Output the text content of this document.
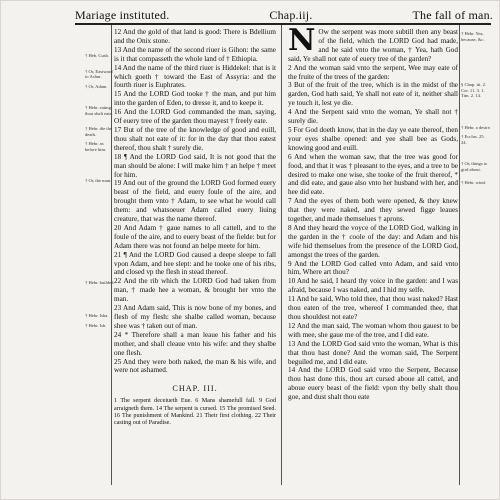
Mariage instituted.	Chap.iij.	The fall of man.
† Heb. Cush.
† Or, Eastward to Ashur.
† Or, Adam.
† Hebr. eating thou shalt eate.
† Hebr. die the death.
† Hebr. as before him.
† Or, the man.
† Hebr. builded.
† Hebr. Isha.
† Hebr. Ish.

12 And the gold of that land is good: There is Bdellium and the Onix stone.

13 And the name of the second riuer is Gihon: the same is it that compasseth the whole land of † Ethiopia.

14 And the name of the third riuer is Hiddekel: that is it which goeth † toward the East of Assyria: and the fourth riuer is Euphrates.

15 And the LORD God tooke † the man, and put him into the garden of Eden, to dresse it, and to keepe it.

16 And the LORD God commanded the man, saying, Of euery tree of the garden thou mayest † freely eate.

17 But of the tree of the knowledge of good and euill, thou shalt not eate of it: for in the day that thou eatest thereof, thou shalt † surely die.

18 ¶ And the LORD God said, It is not good that the man should be alone: I will make him † an helpe † meet for him.

19 And out of the ground the LORD God formed euery beast of the field, and euery foule of the aire, and brought them vnto † Adam, to see what he would call them: and whatsoeuer Adam called euery liuing creature, that was the name thereof.

20 And Adam † gaue names to all cattell, and to the foule of the aire, and to euery beast of the fielde: but for Adam there was not found an helpe meete for him.

21 ¶ And the LORD God caused a deepe sleepe to fall vpon Adam, and hee slept: and he tooke one of his ribs, and closed vp the flesh in stead thereof.

22 And the rib which the LORD God had taken from man, † made hee a woman, & brought her vnto the man.

23 And Adam said, This is now bone of my bones, and flesh of my flesh: she shalbe called woman, because shee was † taken out of man.

24 * Therefore shall a man leaue his father and his mother, and shall cleaue vnto his wife: and they shalbe one flesh.

25 And they were both naked, the man & his wife, and were not ashamed.

CHAP. III.

1 The serpent deceiueth Eue. 6 Mans shamefull fall. 9 God arraigneth them. 14 The serpent is cursed. 15 The promised Seed. 16 The punishment of Mankind. 21 Their first clothing. 22 Their casting out of Paradise.

N Ow the serpent was more subtill then any beast of the field, which the LORD God had made, and he said vnto the woman, † Yea, hath God said, Ye shall not eate of euery tree of the garden?

2 And the woman said vnto the serpent, Wee may eate of the fruite of the trees of the garden:

3 But of the fruit of the tree, which is in the midst of the garden, God hath said, Ye shall not eate of it, neither shall ye touch it, lest ye die.

4 And the Serpent said vnto the woman, Ye shall not † surely die.

5 For God doeth know, that in the day ye eate thereof, then your eyes shalbe opened: and yee shall bee as Gods, knowing good and euill.

6 And when the woman saw, that the tree was good for food, and that it was † pleasant to the eyes, and a tree to be desired to make one wise, she tooke of the fruit thereof, * and did eate, and gaue also vnto her husband with her, and hee did eate.

7 And the eyes of them both were opened, & they knew that they were naked, and they sewed figge leaues together, and made themselues † aprons.

8 And they heard the voyce of the LORD God, walking in the garden in the † coole of the day: and Adam and his wife hid themselues from the presence of the LORD God, amongst the trees of the garden.

9 And the LORD God called vnto Adam, and said vnto him, Where art thou?

10 And he said, I heard thy voice in the garden: and I was afraid, because I was naked, and I hid my selfe.

11 And he said, Who told thee, that thou wast naked? Hast thou eaten of the tree, whereof I commanded thee, that thou shouldest not eate?

12 And the man said, The woman whom thou gauest to be with mee, she gaue me of the tree, and I did eate.

13 And the LORD God said vnto the woman, What is this that thou hast done? And the woman said, The Serpent beguiled me, and I did eate.

14 And the LORD God said vnto the Serpent, Because thou hast done this, thou art cursed aboue all cattel, and aboue euery beast of the field: vpon thy belly shalt thou goe, and dust shalt thou eate

† Hebr. Yea, because, &c.
§ Chap. iii. 2. Cor. 11. 3. 1. Tim. 2. 14.
† Hebr. a desire.
† Ecclus. 25. 24.
† Or, things to gird about.
† Hebr. wind.
